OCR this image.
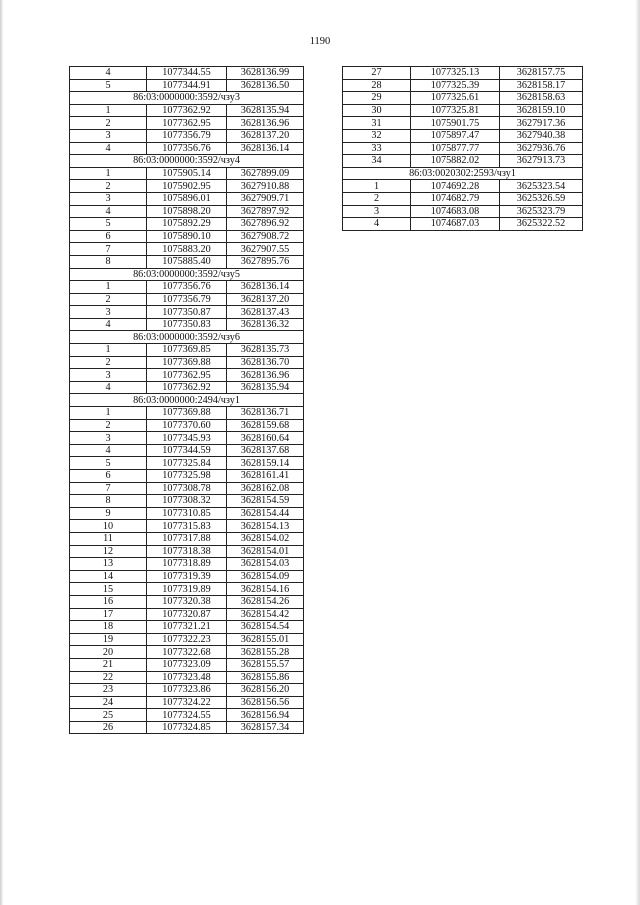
1190
4	1077344.55	3628136.99
5	1077344.91	3628136.50
86:03:0000000:3592/чзу3		
1	1077362.92	3628135.94
2	1077362.95	3628136.96
3	1077356.79	3628137.20
4	1077356.76	3628136.14
86:03:0000000:3592/чзу4		
1	1075905.14	3627899.09
2	1075902.95	3627910.88
3	1075896.01	3627909.71
4	1075898.20	3627897.92
5	1075892.29	3627896.92
6	1075890.10	3627908.72
7	1075883.20	3627907.55
8	1075885.40	3627895.76
86:03:0000000:3592/чзу5		
1	1077356.76	3628136.14
2	1077356.79	3628137.20
3	1077350.87	3628137.43
4	1077350.83	3628136.32
86:03:0000000:3592/чзу6		
1	1077369.85	3628135.73
2	1077369.88	3628136.70
3	1077362.95	3628136.96
4	1077362.92	3628135.94
86:03:0000000:2494/чзу1		
1	1077369.88	3628136.71
2	1077370.60	3628159.68
3	1077345.93	3628160.64
4	1077344.59	3628137.68
5	1077325.84	3628159.14
6	1077325.98	3628161.41
7	1077308.78	3628162.08
8	1077308.32	3628154.59
9	1077310.85	3628154.44
10	1077315.83	3628154.13
11	1077317.88	3628154.02
12	1077318.38	3628154.01
13	1077318.89	3628154.03
14	1077319.39	3628154.09
15	1077319.89	3628154.16
16	1077320.38	3628154.26
17	1077320.87	3628154.42
18	1077321.21	3628154.54
19	1077322.23	3628155.01
20	1077322.68	3628155.28
21	1077323.09	3628155.57
22	1077323.48	3628155.86
23	1077323.86	3628156.20
24	1077324.22	3628156.56
25	1077324.55	3628156.94
26	1077324.85	3628157.34
27	1077325.13	3628157.75
28	1077325.39	3628158.17
29	1077325.61	3628158.63
30	1077325.81	3628159.10
31	1075901.75	3627917.36
32	1075897.47	3627940.38
33	1075877.77	3627936.76
34	1075882.02	3627913.73
86:03:0020302:2593/чзу1		
1	1074692.28	3625323.54
2	1074682.79	3625326.59
3	1074683.08	3625323.79
4	1074687.03	3625322.52
